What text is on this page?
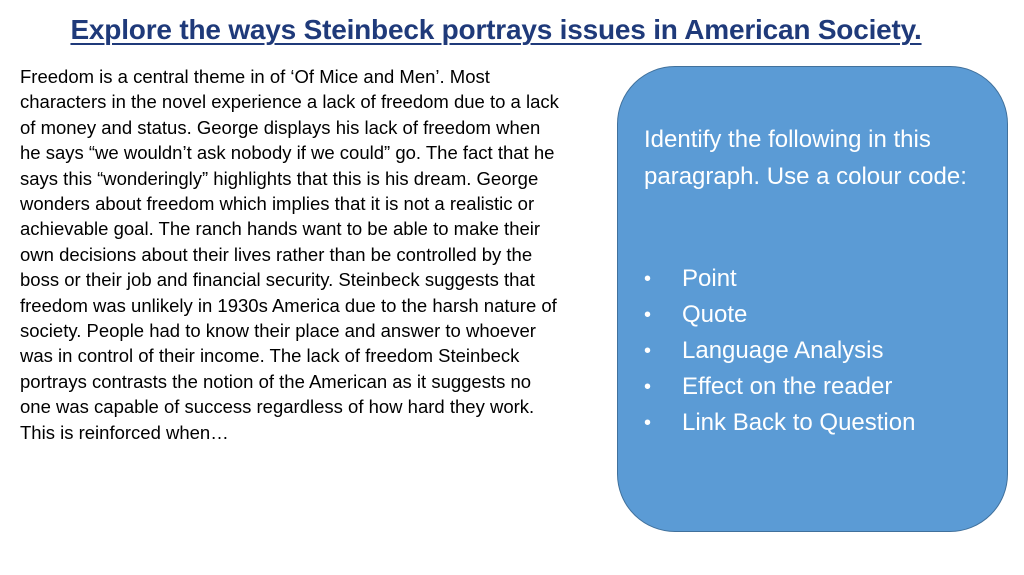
Explore the ways Steinbeck portrays issues in American Society.
Freedom is a central theme in of ‘Of Mice and Men’. Most characters in the novel experience a lack of freedom due to a lack of money and status. George displays his lack of freedom when he says “we wouldn’t ask nobody if we could” go. The fact that he says this “wonderingly” highlights that this is his dream. George wonders about freedom which implies that it is not a realistic or achievable goal. The ranch hands want to be able to make their own decisions about their lives rather than be controlled by the boss or their job and financial security. Steinbeck suggests that freedom was unlikely in 1930s America due to the harsh nature of society. People had to know their place and answer to whoever was in control of their income. The lack of freedom Steinbeck portrays contrasts the notion of the American as it suggests no one was capable of success regardless of how hard they work. This is reinforced when…
Identify the following in this paragraph. Use a colour code:
• Point
• Quote
• Language Analysis
• Effect on the reader
• Link Back to Question
